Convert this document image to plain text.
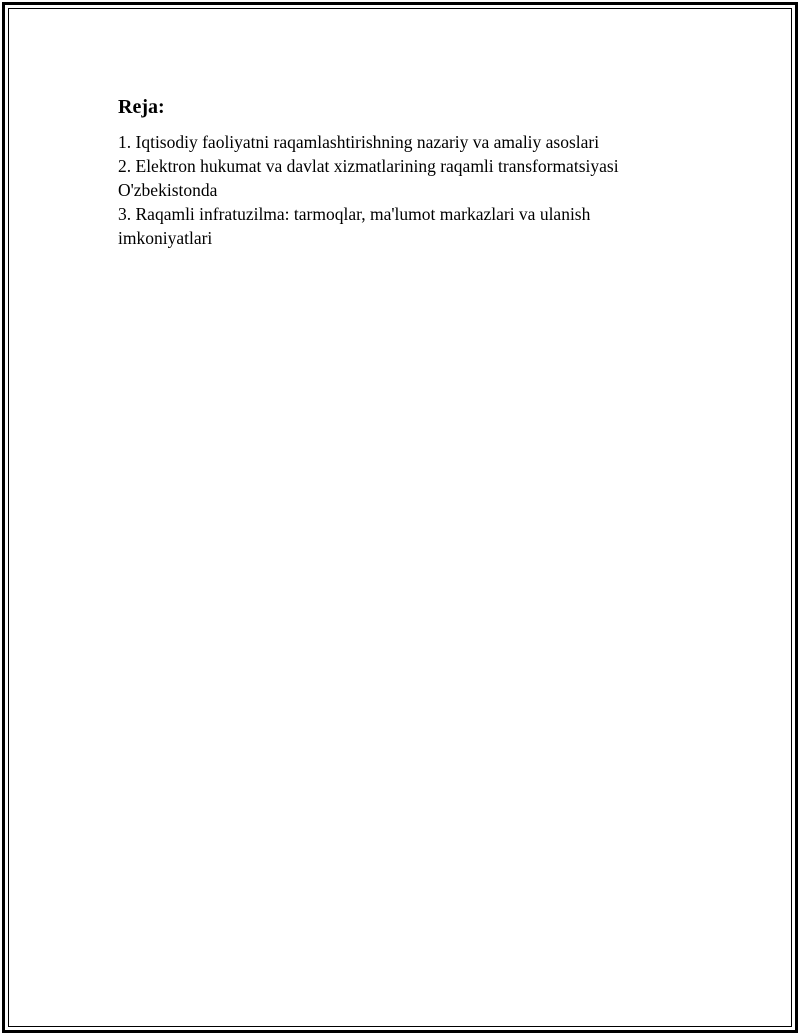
Reja:
1. Iqtisodiy faoliyatni raqamlashtirishning nazariy va amaliy asoslari
2. Elektron hukumat va davlat xizmatlarining raqamli transformatsiyasi O'zbekistonda
3. Raqamli infratuzilma: tarmoqlar, ma'lumot markazlari va ulanish imkoniyatlari
